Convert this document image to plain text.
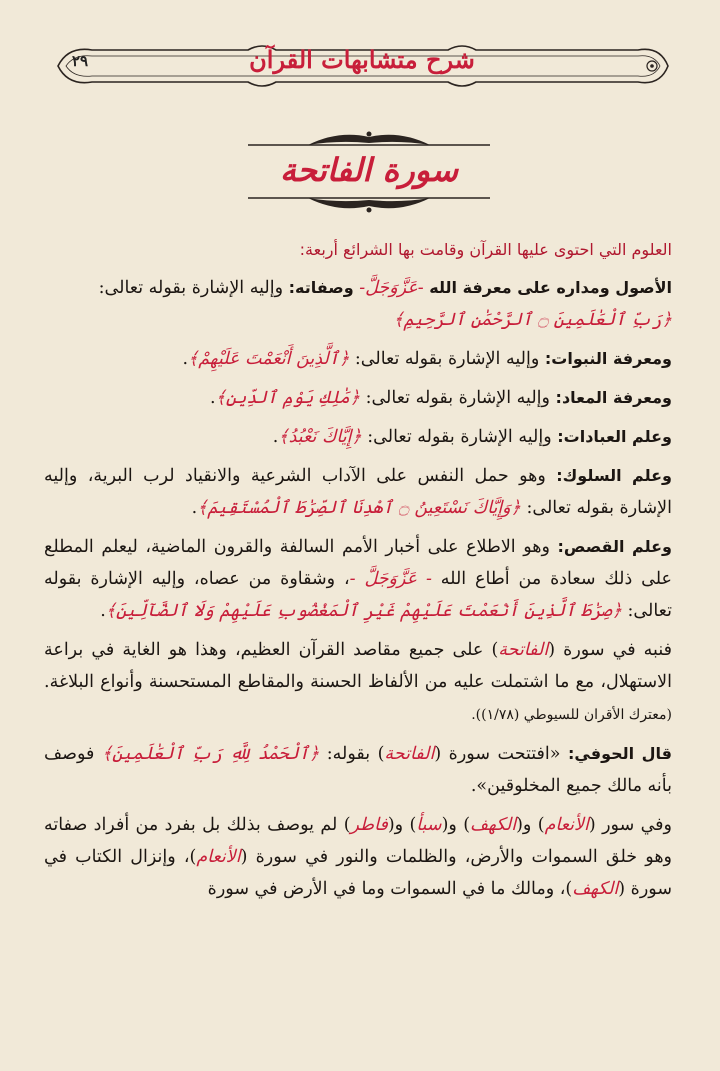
٢٩	شرح متشابهات القرآن
سورة الفاتحة
العلوم التي احتوى عليها القرآن وقامت بها الشرائع أربعة:

الأصول ومداره على معرفة الله -عَزَّوَجَلَّ- وصفاته: وإليه الإشارة بقوله تعالى:
﴿رَبِّ ٱلْعَٰلَمِينَ ۝ ٱلرَّحْمَٰنِ ٱلرَّحِيمِ﴾

ومعرفة النبوات: وإليه الإشارة بقوله تعالى: ﴿ٱلَّذِينَ أَنْعَمْتَ عَلَيْهِمْ﴾.

ومعرفة المعاد: وإليه الإشارة بقوله تعالى: ﴿مَٰلِكِ يَوْمِ ٱلدِّينِ﴾.

وعلم العبادات: وإليه الإشارة بقوله تعالى: ﴿إِيَّاكَ نَعْبُدُ﴾.

وعلم السلوك: وهو حمل النفس على الآداب الشرعية والانقياد لرب البرية، وإليه الإشارة بقوله تعالى: ﴿وَإِيَّاكَ نَسْتَعِينُ ۝ ٱهْدِنَا ٱلصِّرَٰطَ ٱلْمُسْتَقِيمَ﴾.

وعلم القصص: وهو الاطلاع على أخبار الأمم السالفة والقرون الماضية، ليعلم المطلع على ذلك سعادة من أطاع الله - عَزَّوَجَلَّ -، وشقاوة من عصاه، وإليه الإشارة بقوله تعالى: ﴿صِرَٰطَ ٱلَّذِينَ أَنْعَمْتَ عَلَيْهِمْ غَيْرِ ٱلْمَغْضُوبِ عَلَيْهِمْ وَلَا ٱلضَّآلِّينَ﴾.

فنبه في سورة (الفاتحة) على جميع مقاصد القرآن العظيم، وهذا هو الغاية في براعة الاستهلال، مع ما اشتملت عليه من الألفاظ الحسنة والمقاطع المستحسنة وأنواع البلاغة. (معترك الأقران للسيوطي (١/٧٨)).

قال الحوفي: «افتتحت سورة (الفاتحة) بقوله: ﴿ٱلْحَمْدُ لِلَّهِ رَبِّ ٱلْعَٰلَمِينَ﴾ فوصف بأنه مالك جميع المخلوقين».

وفي سور (الأنعام) و(الكهف) و(سبأ) و(فاطر) لم يوصف بذلك بل بفرد من أفراد صفاته وهو خلق السموات والأرض، والظلمات والنور في سورة (الأنعام)، وإنزال الكتاب في سورة (الكهف)، ومالك ما في السموات وما في الأرض في سورة
